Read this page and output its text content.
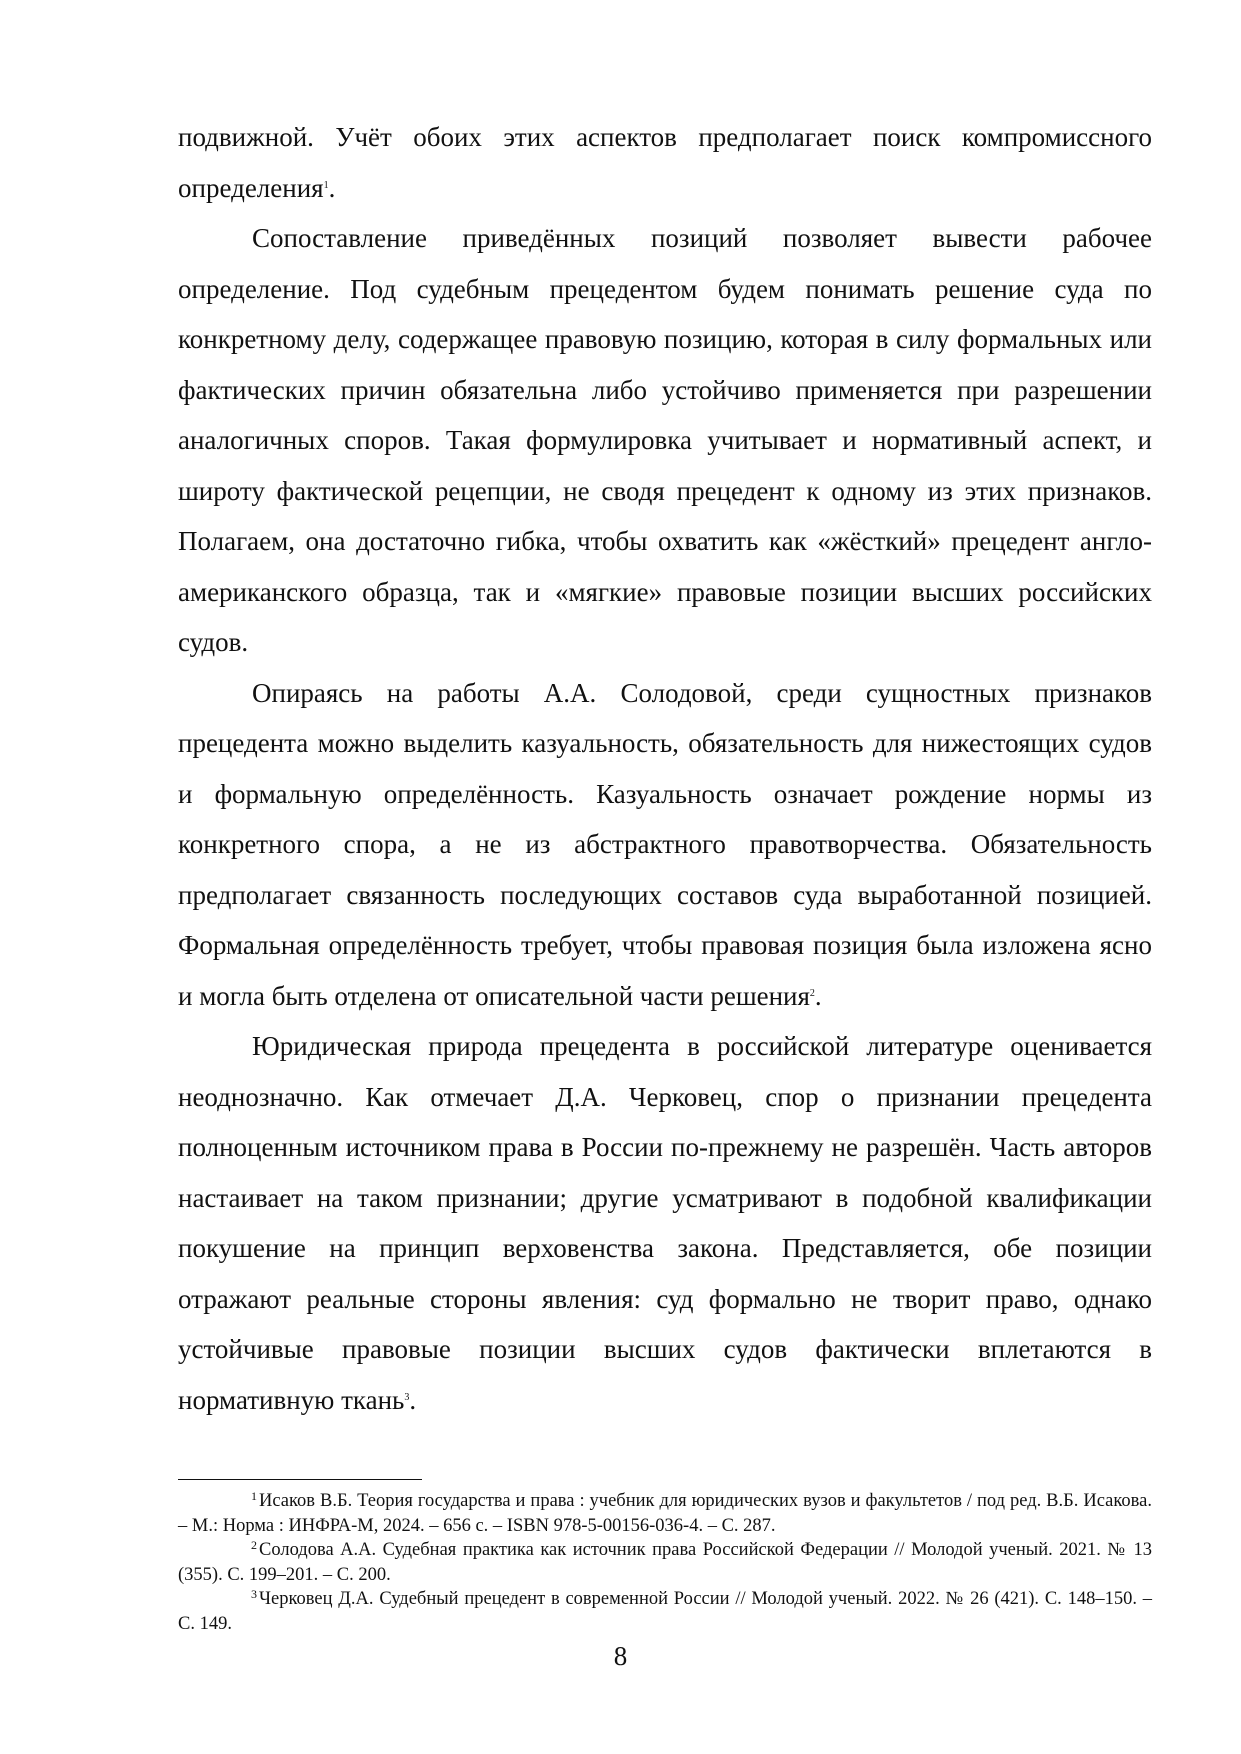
подвижной. Учёт обоих этих аспектов предполагает поиск компромиссного определения$^1$.

Сопоставление приведённых позиций позволяет вывести рабочее определение. Под судебным прецедентом будем понимать решение суда по конкретному делу, содержащее правовую позицию, которая в силу формальных или фактических причин обязательна либо устойчиво применяется при разрешении аналогичных споров. Такая формулировка учитывает и нормативный аспект, и широту фактической рецепции, не сводя прецедент к одному из этих признаков. Полагаем, она достаточно гибка, чтобы охватить как «жёсткий» прецедент англо-американского образца, так и «мягкие» правовые позиции высших российских судов.

Опираясь на работы А.А. Солодовой, среди сущностных признаков прецедента можно выделить казуальность, обязательность для нижестоящих судов и формальную определённость. Казуальность означает рождение нормы из конкретного спора, а не из абстрактного правотворчества. Обязательность предполагает связанность последующих составов суда выработанной позицией. Формальная определённость требует, чтобы правовая позиция была изложена ясно и могла быть отделена от описательной части решения$^2$.

Юридическая природа прецедента в российской литературе оценивается неоднозначно. Как отмечает Д.А. Черковец, спор о признании прецедента полноценным источником права в России по-прежнему не разрешён. Часть авторов настаивает на таком признании; другие усматривают в подобной квалификации покушение на принцип верховенства закона. Представляется, обе позиции отражают реальные стороны явления: суд формально не творит право, однако устойчивые правовые позиции высших судов фактически вплетаются в нормативную ткань$^3$.

$^1$ Исаков В.Б. Теория государства и права : учебник для юридических вузов и факультетов / под ред. В.Б. Исакова. – М.: Норма : ИНФРА-М, 2024. – 656 с. – ISBN 978-5-00156-036-4. – С. 287.

$^2$ Солодова А.А. Судебная практика как источник права Российской Федерации // Молодой ученый. 2021. № 13 (355). С. 199–201. – С. 200.

$^3$ Черковец Д.А. Судебный прецедент в современной России // Молодой ученый. 2022. № 26 (421). С. 148–150. – С. 149.

8
